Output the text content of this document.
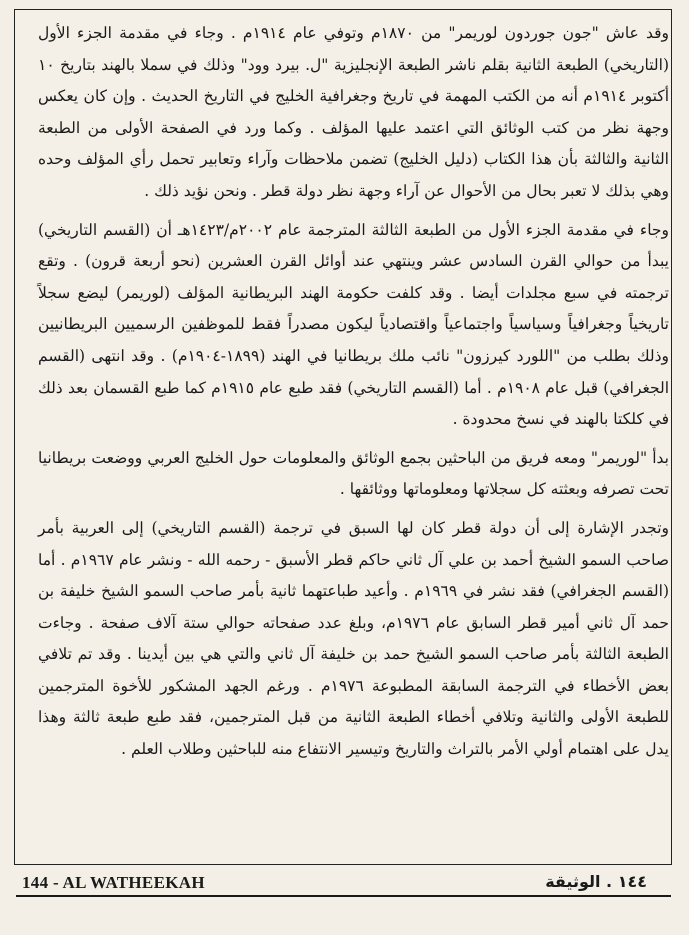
وقد عاش "جون جوردون لوريمر" من ١٨٧٠م وتوفي عام ١٩١٤م . وجاء في مقدمة الجزء الأول (التاريخي) الطبعة الثانية بقلم ناشر الطبعة الإنجليزية "ل. بيرد وود" وذلك في سملا بالهند بتاريخ ١٠ أكتوبر ١٩١٤م أنه من الكتب المهمة في تاريخ وجغرافية الخليج في التاريخ الحديث . وإن كان يعكس وجهة نظر من كتب الوثائق التي اعتمد عليها المؤلف . وكما ورد في الصفحة الأولى من الطبعة الثانية والثالثة بأن هذا الكتاب (دليل الخليج) تضمن ملاحظات وآراء وتعابير تحمل رأي المؤلف وحده وهي بذلك لا تعبر بحال من الأحوال عن آراء وجهة نظر دولة قطر . ونحن نؤيد ذلك .

وجاء في مقدمة الجزء الأول من الطبعة الثالثة المترجمة عام ٢٠٠٢م/١٤٢٣هـ أن (القسم التاريخي) يبدأ من حوالي القرن السادس عشر وينتهي عند أوائل القرن العشرين (نحو أربعة قرون) . وتقع ترجمته في سبع مجلدات أيضا . وقد كلفت حكومة الهند البريطانية المؤلف (لوريمر) ليضع سجلاً تاريخياً وجغرافياً وسياسياً واجتماعياً واقتصادياً ليكون مصدراً فقط للموظفين الرسميين البريطانيين وذلك بطلب من "اللورد كيرزون" نائب ملك بريطانيا في الهند (١٨٩٩-١٩٠٤م) . وقد انتهى (القسم الجغرافي) قبل عام ١٩٠٨م . أما (القسم التاريخي) فقد طبع عام ١٩١٥م كما طبع القسمان بعد ذلك في كلكتا بالهند في نسخ محدودة .

بدأ "لوريمر" ومعه فريق من الباحثين بجمع الوثائق والمعلومات حول الخليج العربي ووضعت بريطانيا تحت تصرفه وبعثته كل سجلاتها ومعلوماتها ووثائقها .

وتجدر الإشارة إلى أن دولة قطر كان لها السبق في ترجمة (القسم التاريخي) إلى العربية بأمر صاحب السمو الشيخ أحمد بن علي آل ثاني حاكم قطر الأسبق - رحمه الله - ونشر عام ١٩٦٧م . أما (القسم الجغرافي) فقد نشر في ١٩٦٩م . وأعيد طباعتهما ثانية بأمر صاحب السمو الشيخ خليفة بن حمد آل ثاني أمير قطر السابق عام ١٩٧٦م، وبلغ عدد صفحاته حوالي ستة آلاف صفحة . وجاءت الطبعة الثالثة بأمر صاحب السمو الشيخ حمد بن خليفة آل ثاني والتي هي بين أيدينا . وقد تم تلافي بعض الأخطاء في الترجمة السابقة المطبوعة ١٩٧٦م . ورغم الجهد المشكور للأخوة المترجمين للطبعة الأولى والثانية وتلافي أخطاء الطبعة الثانية من قبل المترجمين، فقد طبع طبعة ثالثة وهذا يدل على اهتمام أولي الأمر بالتراث والتاريخ وتيسير الانتفاع منه للباحثين وطلاب العلم .

144 - AL WATHEEKAH	١٤٤ . الوثيقة
